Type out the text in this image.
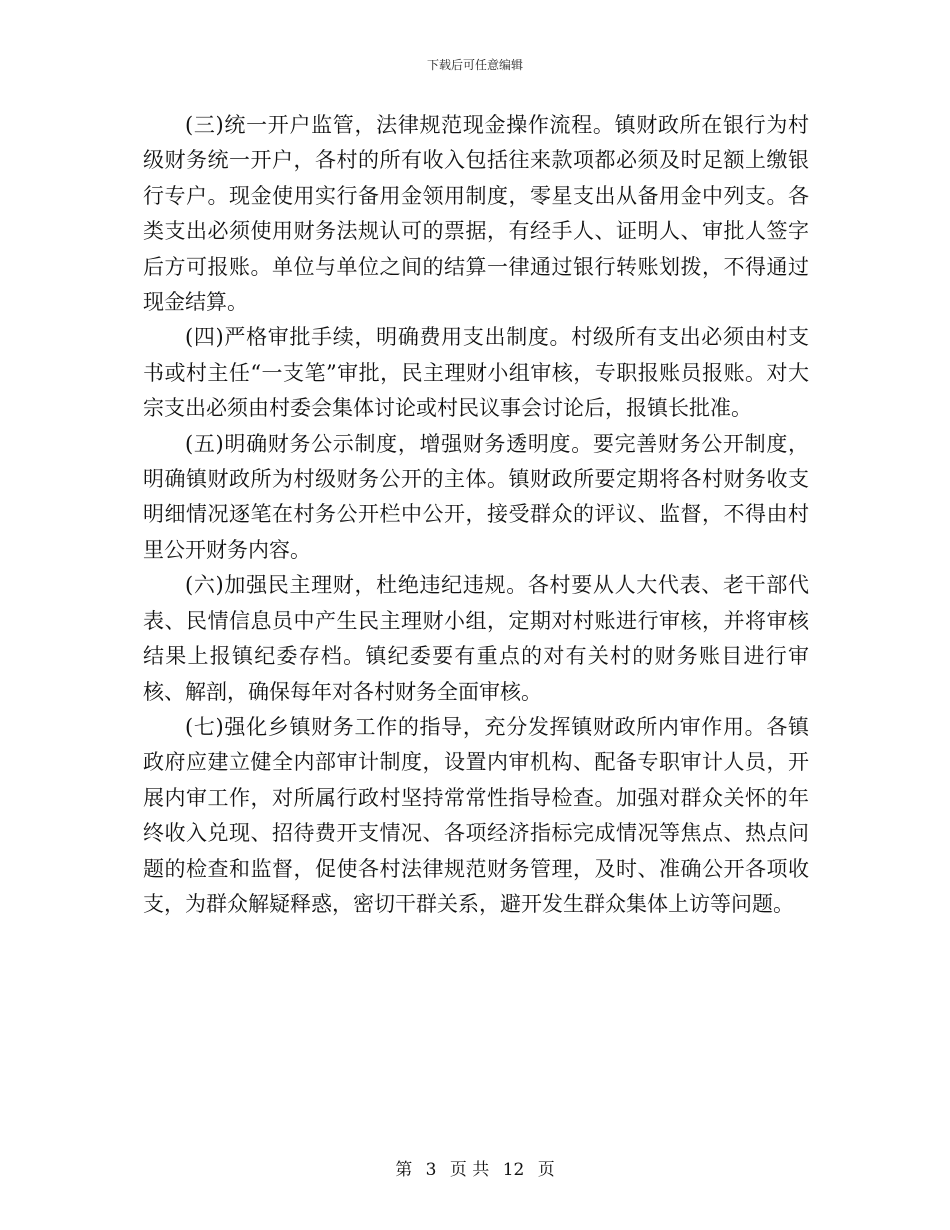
下载后可任意编辑

(三)统一开户监管，法律规范现金操作流程。镇财政所在银行为村级财务统一开户，各村的所有收入包括往来款项都必须及时足额上缴银行专户。现金使用实行备用金领用制度，零星支出从备用金中列支。各类支出必须使用财务法规认可的票据，有经手人、证明人、审批人签字后方可报账。单位与单位之间的结算一律通过银行转账划拨，不得通过现金结算。

(四)严格审批手续，明确费用支出制度。村级所有支出必须由村支书或村主任“一支笔”审批，民主理财小组审核，专职报账员报账。对大宗支出必须由村委会集体讨论或村民议事会讨论后，报镇长批准。

(五)明确财务公示制度，增强财务透明度。要完善财务公开制度，明确镇财政所为村级财务公开的主体。镇财政所要定期将各村财务收支明细情况逐笔在村务公开栏中公开，接受群众的评议、监督，不得由村里公开财务内容。

(六)加强民主理财，杜绝违纪违规。各村要从人大代表、老干部代表、民情信息员中产生民主理财小组，定期对村账进行审核，并将审核结果上报镇纪委存档。镇纪委要有重点的对有关村的财务账目进行审核、解剖，确保每年对各村财务全面审核。

(七)强化乡镇财务工作的指导，充分发挥镇财政所内审作用。各镇政府应建立健全内部审计制度，设置内审机构、配备专职审计人员，开展内审工作，对所属行政村坚持常常性指导检查。加强对群众关怀的年终收入兑现、招待费开支情况、各项经济指标完成情况等焦点、热点问题的检查和监督，促使各村法律规范财务管理，及时、准确公开各项收支，为群众解疑释惑，密切干群关系，避开发生群众集体上访等问题。

第 3 页 共 12 页
